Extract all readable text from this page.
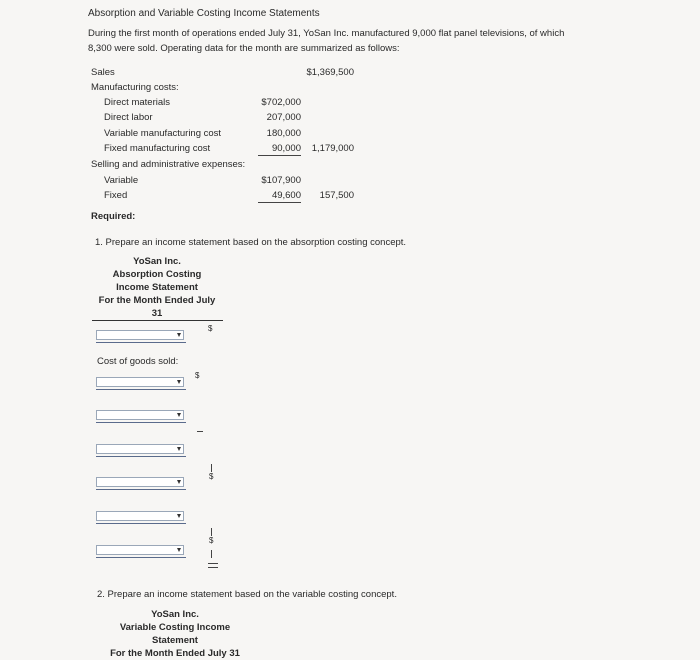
Absorption and Variable Costing Income Statements
During the first month of operations ended July 31, YoSan Inc. manufactured 9,000 flat panel televisions, of which
8,300 were sold. Operating data for the month are summarized as follows:
Sales	$1,369,500
Manufacturing costs:
Direct materials	$702,000
Direct labor	207,000
Variable manufacturing cost	180,000
Fixed manufacturing cost	90,000	1,179,000
Selling and administrative expenses:
Variable	$107,900
Fixed	49,600	157,500
Required:
1. Prepare an income statement based on the absorption costing concept.
YoSan Inc.
Absorption Costing
Income Statement
For the Month Ended July
31
$
Cost of goods sold:
$
$
$
2. Prepare an income statement based on the variable costing concept.
YoSan Inc.
Variable Costing Income
Statement
For the Month Ended July 31
